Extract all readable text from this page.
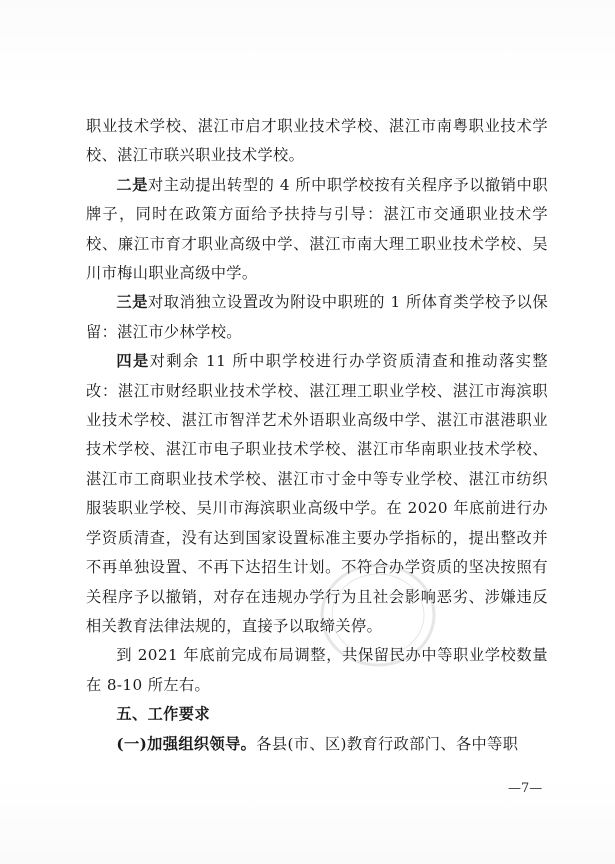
职业技术学校、湛江市启才职业技术学校、湛江市南粤职业技术学校、湛江市联兴职业技术学校。

二是对主动提出转型的 4 所中职学校按有关程序予以撤销中职牌子，同时在政策方面给予扶持与引导：湛江市交通职业技术学校、廉江市育才职业高级中学、湛江市南大理工职业技术学校、吴川市梅山职业高级中学。

三是对取消独立设置改为附设中职班的 1 所体育类学校予以保留：湛江市少林学校。

四是对剩余 11 所中职学校进行办学资质清查和推动落实整改：湛江市财经职业技术学校、湛江理工职业学校、湛江市海滨职业技术学校、湛江市智洋艺术外语职业高级中学、湛江市湛港职业技术学校、湛江市电子职业技术学校、湛江市华南职业技术学校、湛江市工商职业技术学校、湛江市寸金中等专业学校、湛江市纺织服装职业学校、吴川市海滨职业高级中学。在 2020 年底前进行办学资质清查，没有达到国家设置标准主要办学指标的，提出整改并不再单独设置、不再下达招生计划。不符合办学资质的坚决按照有关程序予以撤销，对存在违规办学行为且社会影响恶劣、涉嫌违反相关教育法律法规的，直接予以取缔关停。

到 2021 年底前完成布局调整，共保留民办中等职业学校数量在 8-10 所左右。

五、工作要求

(一)加强组织领导。各县(市、区)教育行政部门、各中等职

—7—
